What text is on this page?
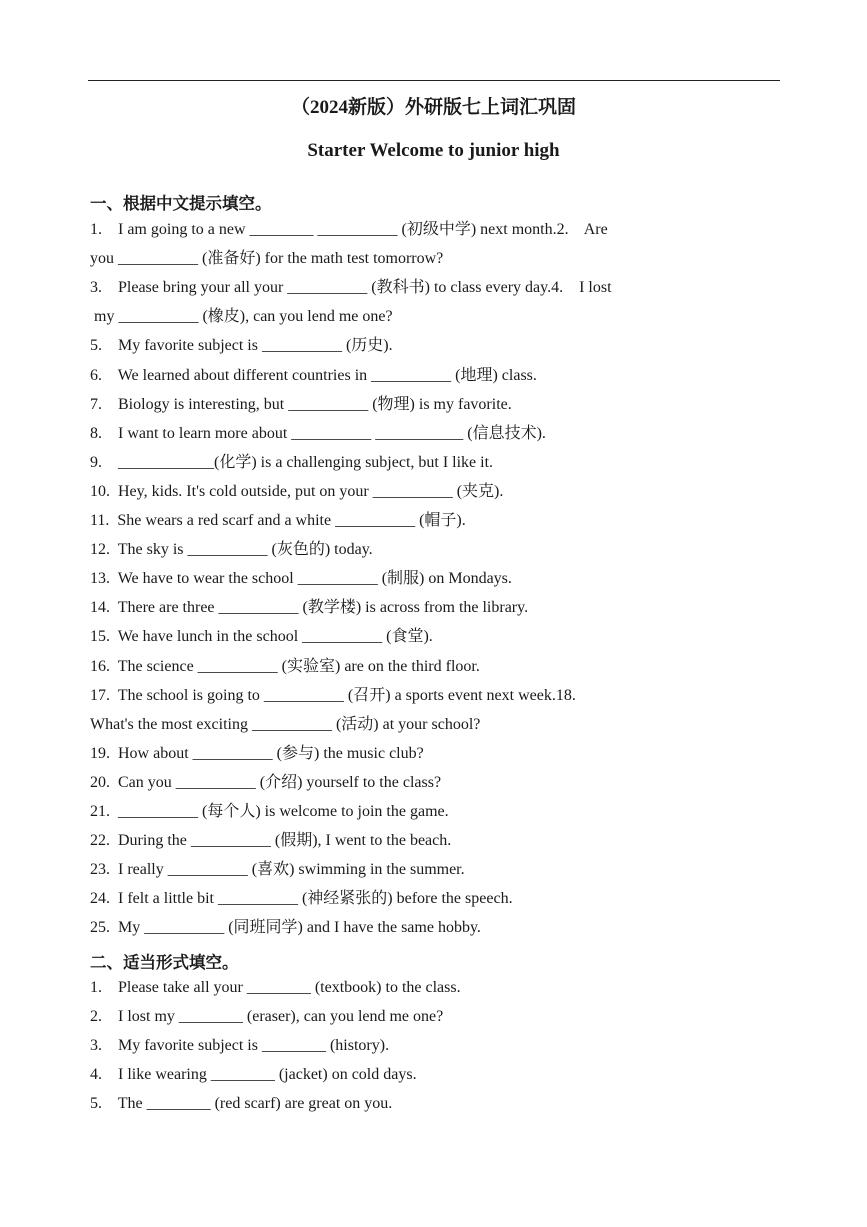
（2024新版）外研版七上词汇巩固
Starter Welcome to junior high
一、根据中文提示填空。
1.    I am going to a new ________ __________ (初级中学) next month.2.    Are
you __________ (准备好) for the math test tomorrow?
3.    Please bring your all your __________ (教科书) to class every day.4.    I lost
my __________ (橡皮), can you lend me one?
5.    My favorite subject is __________ (历史).
6.    We learned about different countries in __________ (地理) class.
7.    Biology is interesting, but __________ (物理) is my favorite.
8.    I want to learn more about __________ ___________ (信息技术).
9.    ____________(化学) is a challenging subject, but I like it.
10.  Hey, kids. It's cold outside, put on your __________ (夹克).
11.  She wears a red scarf and a white __________ (帽子).
12.  The sky is __________ (灰色的) today.
13.  We have to wear the school __________ (制服) on Mondays.
14.  There are three __________ (教学楼) is across from the library.
15.  We have lunch in the school __________ (食堂).
16.  The science __________ (实验室) are on the third floor.
17.  The school is going to __________ (召开) a sports event next week.18.
What's the most exciting __________ (活动) at your school?
19.  How about __________ (参与) the music club?
20.  Can you __________ (介绍) yourself to the class?
21.  __________ (每个人) is welcome to join the game.
22.  During the __________ (假期), I went to the beach.
23.  I really __________ (喜欢) swimming in the summer.
24.  I felt a little bit __________ (神经紧张的) before the speech.
25.  My __________ (同班同学) and I have the same hobby.
二、适当形式填空。
1.    Please take all your ________ (textbook) to the class.
2.    I lost my ________ (eraser), can you lend me one?
3.    My favorite subject is ________ (history).
4.    I like wearing ________ (jacket) on cold days.
5.    The ________ (red scarf) are great on you.
